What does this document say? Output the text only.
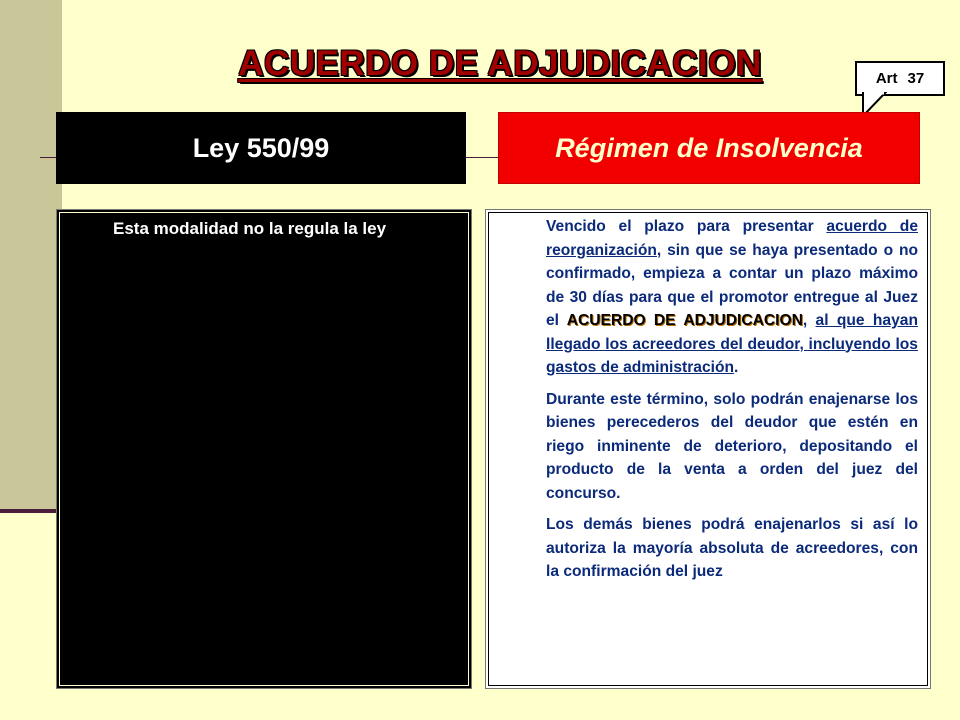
ACUERDO DE ADJUDICACION	Art 37
Ley 550/99	Régimen de Insolvencia
Esta modalidad no la regula la ley	Vencido el plazo para presentar acuerdo de reorganización, sin que se haya presentado o no confirmado, empieza a contar un plazo máximo de 30 días para que el promotor entregue al Juez el ACUERDO DE ADJUDICACION, al que hayan llegado los acreedores del deudor, incluyendo los gastos de administración.

Durante este término, solo podrán enajenarse los bienes perecederos del deudor que estén en riego inminente de deterioro, depositando el producto de la venta a orden del juez del concurso.

Los demás bienes podrá enajenarlos si así lo autoriza la mayoría absoluta de acreedores, con la confirmación del juez
